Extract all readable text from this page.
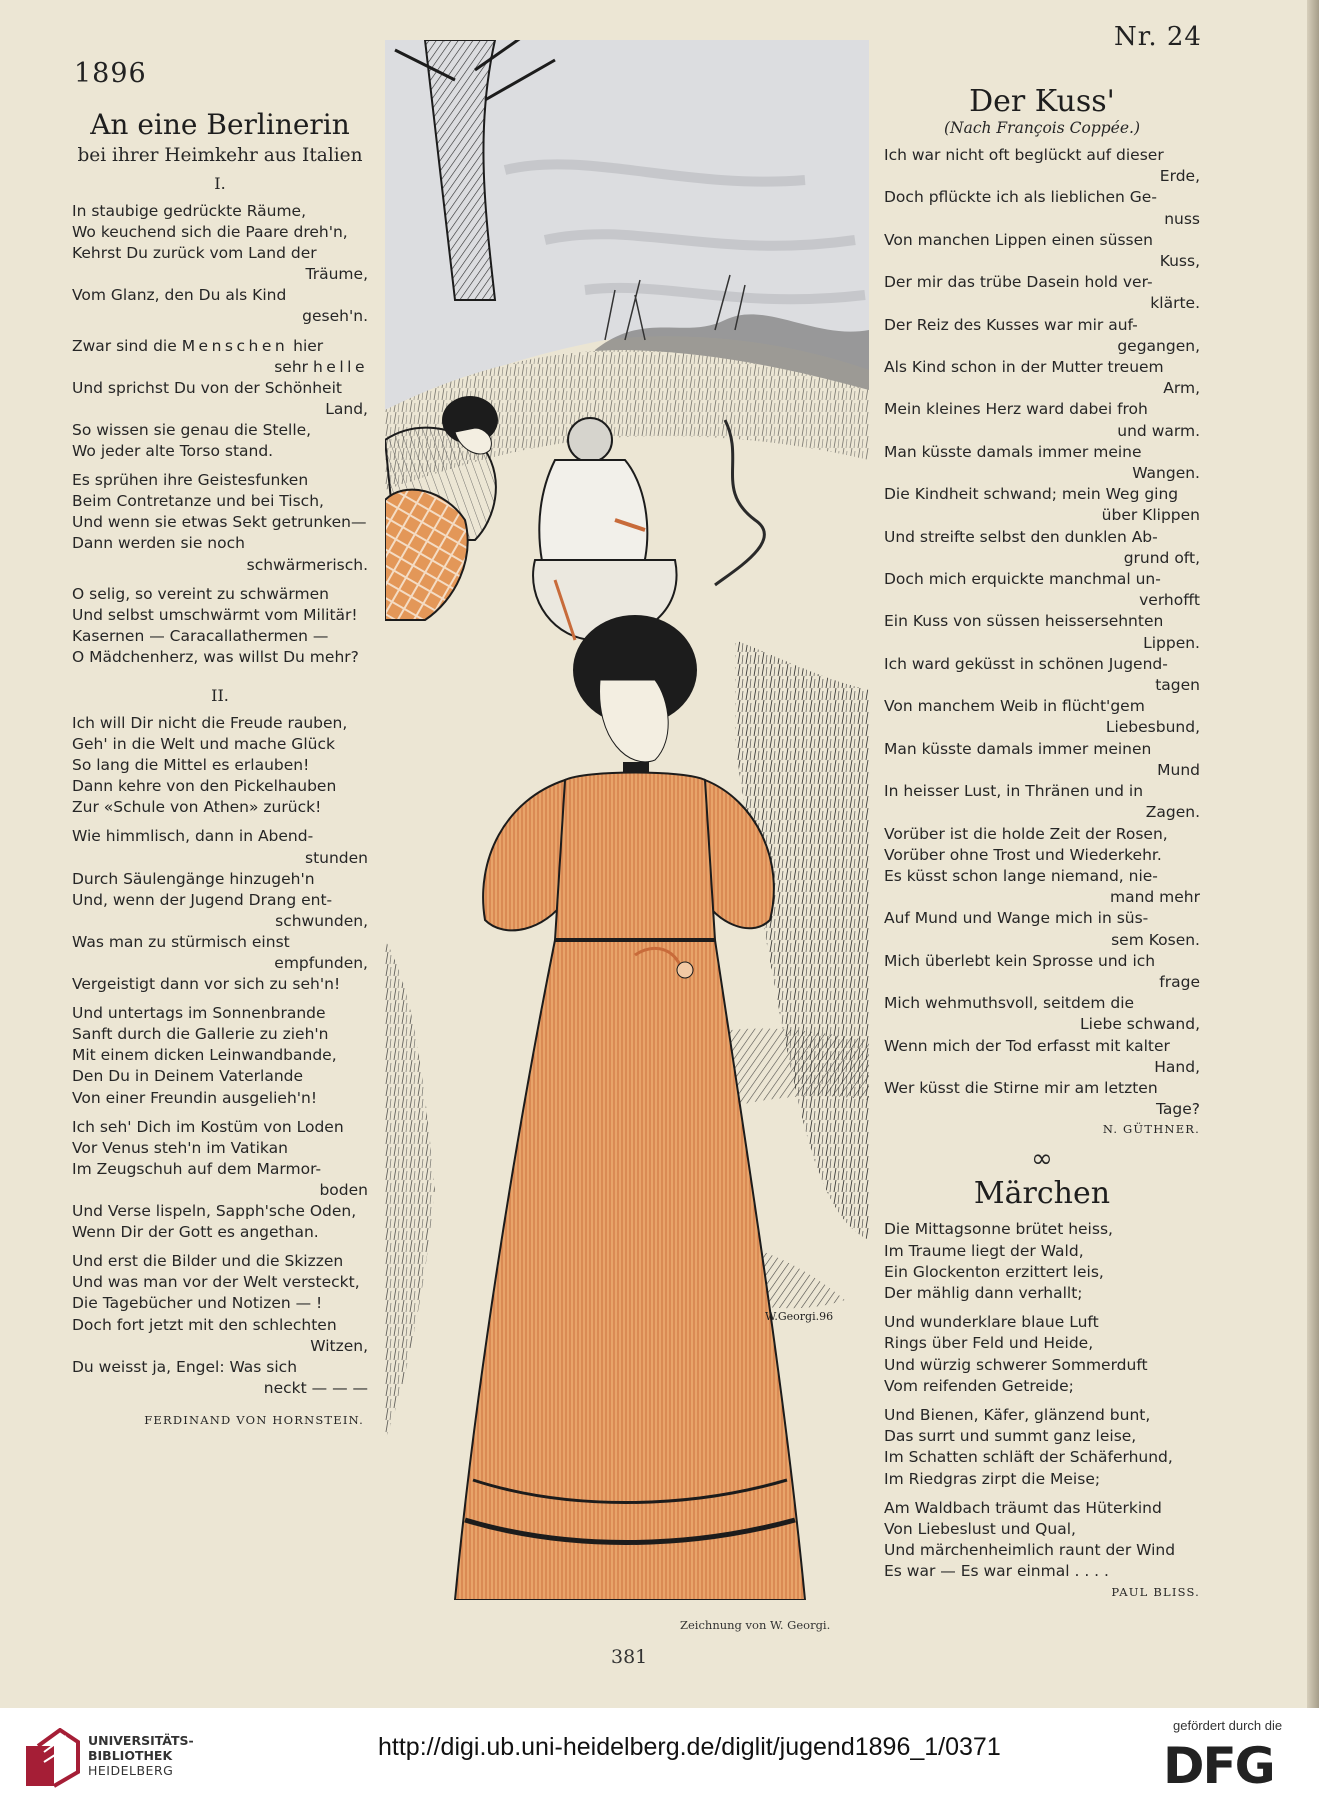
1896
Nr. 24
An eine Berlinerin
bei ihrer Heimkehr aus Italien
I.
In staubige gedrückte Räume,
Wo keuchend sich die Paare dreh'n,
Kehrst Du zurück vom Land der
Träume,
Vom Glanz, den Du als Kind
geseh'n.
Zwar sind die Menschen hier
sehr helle
Und sprichst Du von der Schönheit
Land,
So wissen sie genau die Stelle,
Wo jeder alte Torso stand.
Es sprühen ihre Geistesfunken
Beim Contretanze und bei Tisch,
Und wenn sie etwas Sekt getrunken—
Dann werden sie noch
schwärmerisch.
O selig, so vereint zu schwärmen
Und selbst umschwärmt vom Militär!
Kasernen — Caracallathermen —
O Mädchenherz, was willst Du mehr?
II.
Ich will Dir nicht die Freude rauben,
Geh' in die Welt und mache Glück
So lang die Mittel es erlauben!
Dann kehre von den Pickelhauben
Zur «Schule von Athen» zurück!
Wie himmlisch, dann in Abend-
stunden
Durch Säulengänge hinzugeh'n
Und, wenn der Jugend Drang ent-
schwunden,
Was man zu stürmisch einst
empfunden,
Vergeistigt dann vor sich zu seh'n!
Und untertags im Sonnenbrande
Sanft durch die Gallerie zu zieh'n
Mit einem dicken Leinwandbande,
Den Du in Deinem Vaterlande
Von einer Freundin ausgelieh'n!
Ich seh' Dich im Kostüm von Loden
Vor Venus steh'n im Vatikan
Im Zeugschuh auf dem Marmor-
boden
Und Verse lispeln, Sapph'sche Oden,
Wenn Dir der Gott es angethan.
Und erst die Bilder und die Skizzen
Und was man vor der Welt versteckt,
Die Tagebücher und Notizen — !
Doch fort jetzt mit den schlechten
Witzen,
Du weisst ja, Engel: Was sich
neckt — — —
FERDINAND VON HORNSTEIN.
W.Georgi.96
Zeichnung von W. Georgi.
381
Der Kuss'
(Nach François Coppée.)
Ich war nicht oft beglückt auf dieser
Erde,
Doch pflückte ich als lieblichen Ge-
nuss
Von manchen Lippen einen süssen
Kuss,
Der mir das trübe Dasein hold ver-
klärte.
Der Reiz des Kusses war mir auf-
gegangen,
Als Kind schon in der Mutter treuem
Arm,
Mein kleines Herz ward dabei froh
und warm.
Man küsste damals immer meine
Wangen.
Die Kindheit schwand; mein Weg ging
über Klippen
Und streifte selbst den dunklen Ab-
grund oft,
Doch mich erquickte manchmal un-
verhofft
Ein Kuss von süssen heissersehnten
Lippen.
Ich ward geküsst in schönen Jugend-
tagen
Von manchem Weib in flücht'gem
Liebesbund,
Man küsste damals immer meinen
Mund
In heisser Lust, in Thränen und in
Zagen.
Vorüber ist die holde Zeit der Rosen,
Vorüber ohne Trost und Wiederkehr.
Es küsst schon lange niemand, nie-
mand mehr
Auf Mund und Wange mich in süs-
sem Kosen.
Mich überlebt kein Sprosse und ich
frage
Mich wehmuthsvoll, seitdem die
Liebe schwand,
Wenn mich der Tod erfasst mit kalter
Hand,
Wer küsst die Stirne mir am letzten
Tage?
N. GÜTHNER.
∞
Märchen
Die Mittagsonne brütet heiss,
Im Traume liegt der Wald,
Ein Glockenton erzittert leis,
Der mählig dann verhallt;
Und wunderklare blaue Luft
Rings über Feld und Heide,
Und würzig schwerer Sommerduft
Vom reifenden Getreide;
Und Bienen, Käfer, glänzend bunt,
Das surrt und summt ganz leise,
Im Schatten schläft der Schäferhund,
Im Riedgras zirpt die Meise;
Am Waldbach träumt das Hüterkind
Von Liebeslust und Qual,
Und märchenheimlich raunt der Wind
Es war — Es war einmal . . . .
PAUL BLISS.
UNIVERSITÄTS-
BIBLIOTHEK
HEIDELBERG
http://digi.ub.uni-heidelberg.de/diglit/jugend1896_1/0371
gefördert durch die
DFG
